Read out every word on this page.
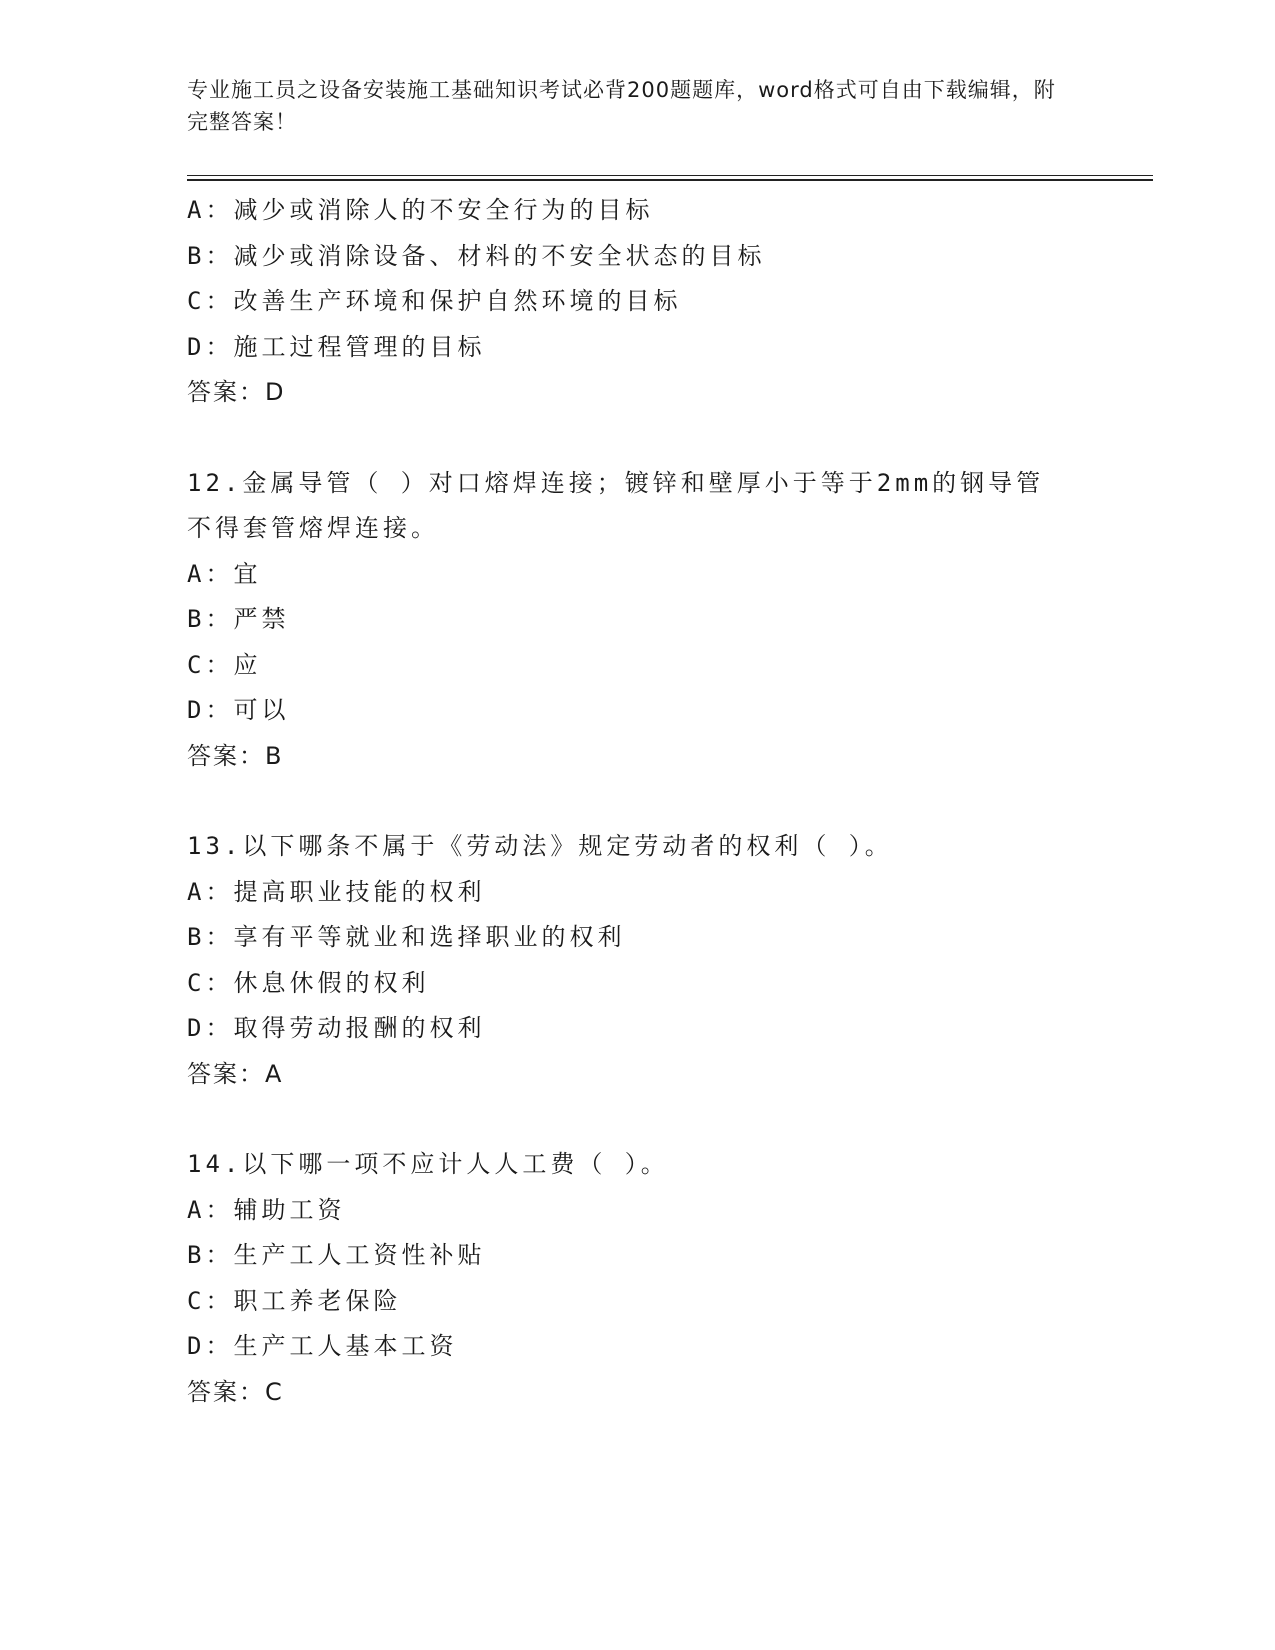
专业施工员之设备安装施工基础知识考试必背200题题库，word格式可自由下载编辑，附完整答案！
A：减少或消除人的不安全行为的目标
B：减少或消除设备、材料的不安全状态的目标
C：改善生产环境和保护自然环境的目标
D：施工过程管理的目标
答案：D
12.金属导管（ ）对口熔焊连接；镀锌和壁厚小于等于2mm的钢导管不得套管熔焊连接。
A：宜
B：严禁
C：应
D：可以
答案：B
13.以下哪条不属于《劳动法》规定劳动者的权利（ ）。
A：提高职业技能的权利
B：享有平等就业和选择职业的权利
C：休息休假的权利
D：取得劳动报酬的权利
答案：A
14.以下哪一项不应计人人工费（ ）。
A：辅助工资
B：生产工人工资性补贴
C：职工养老保险
D：生产工人基本工资
答案：C
